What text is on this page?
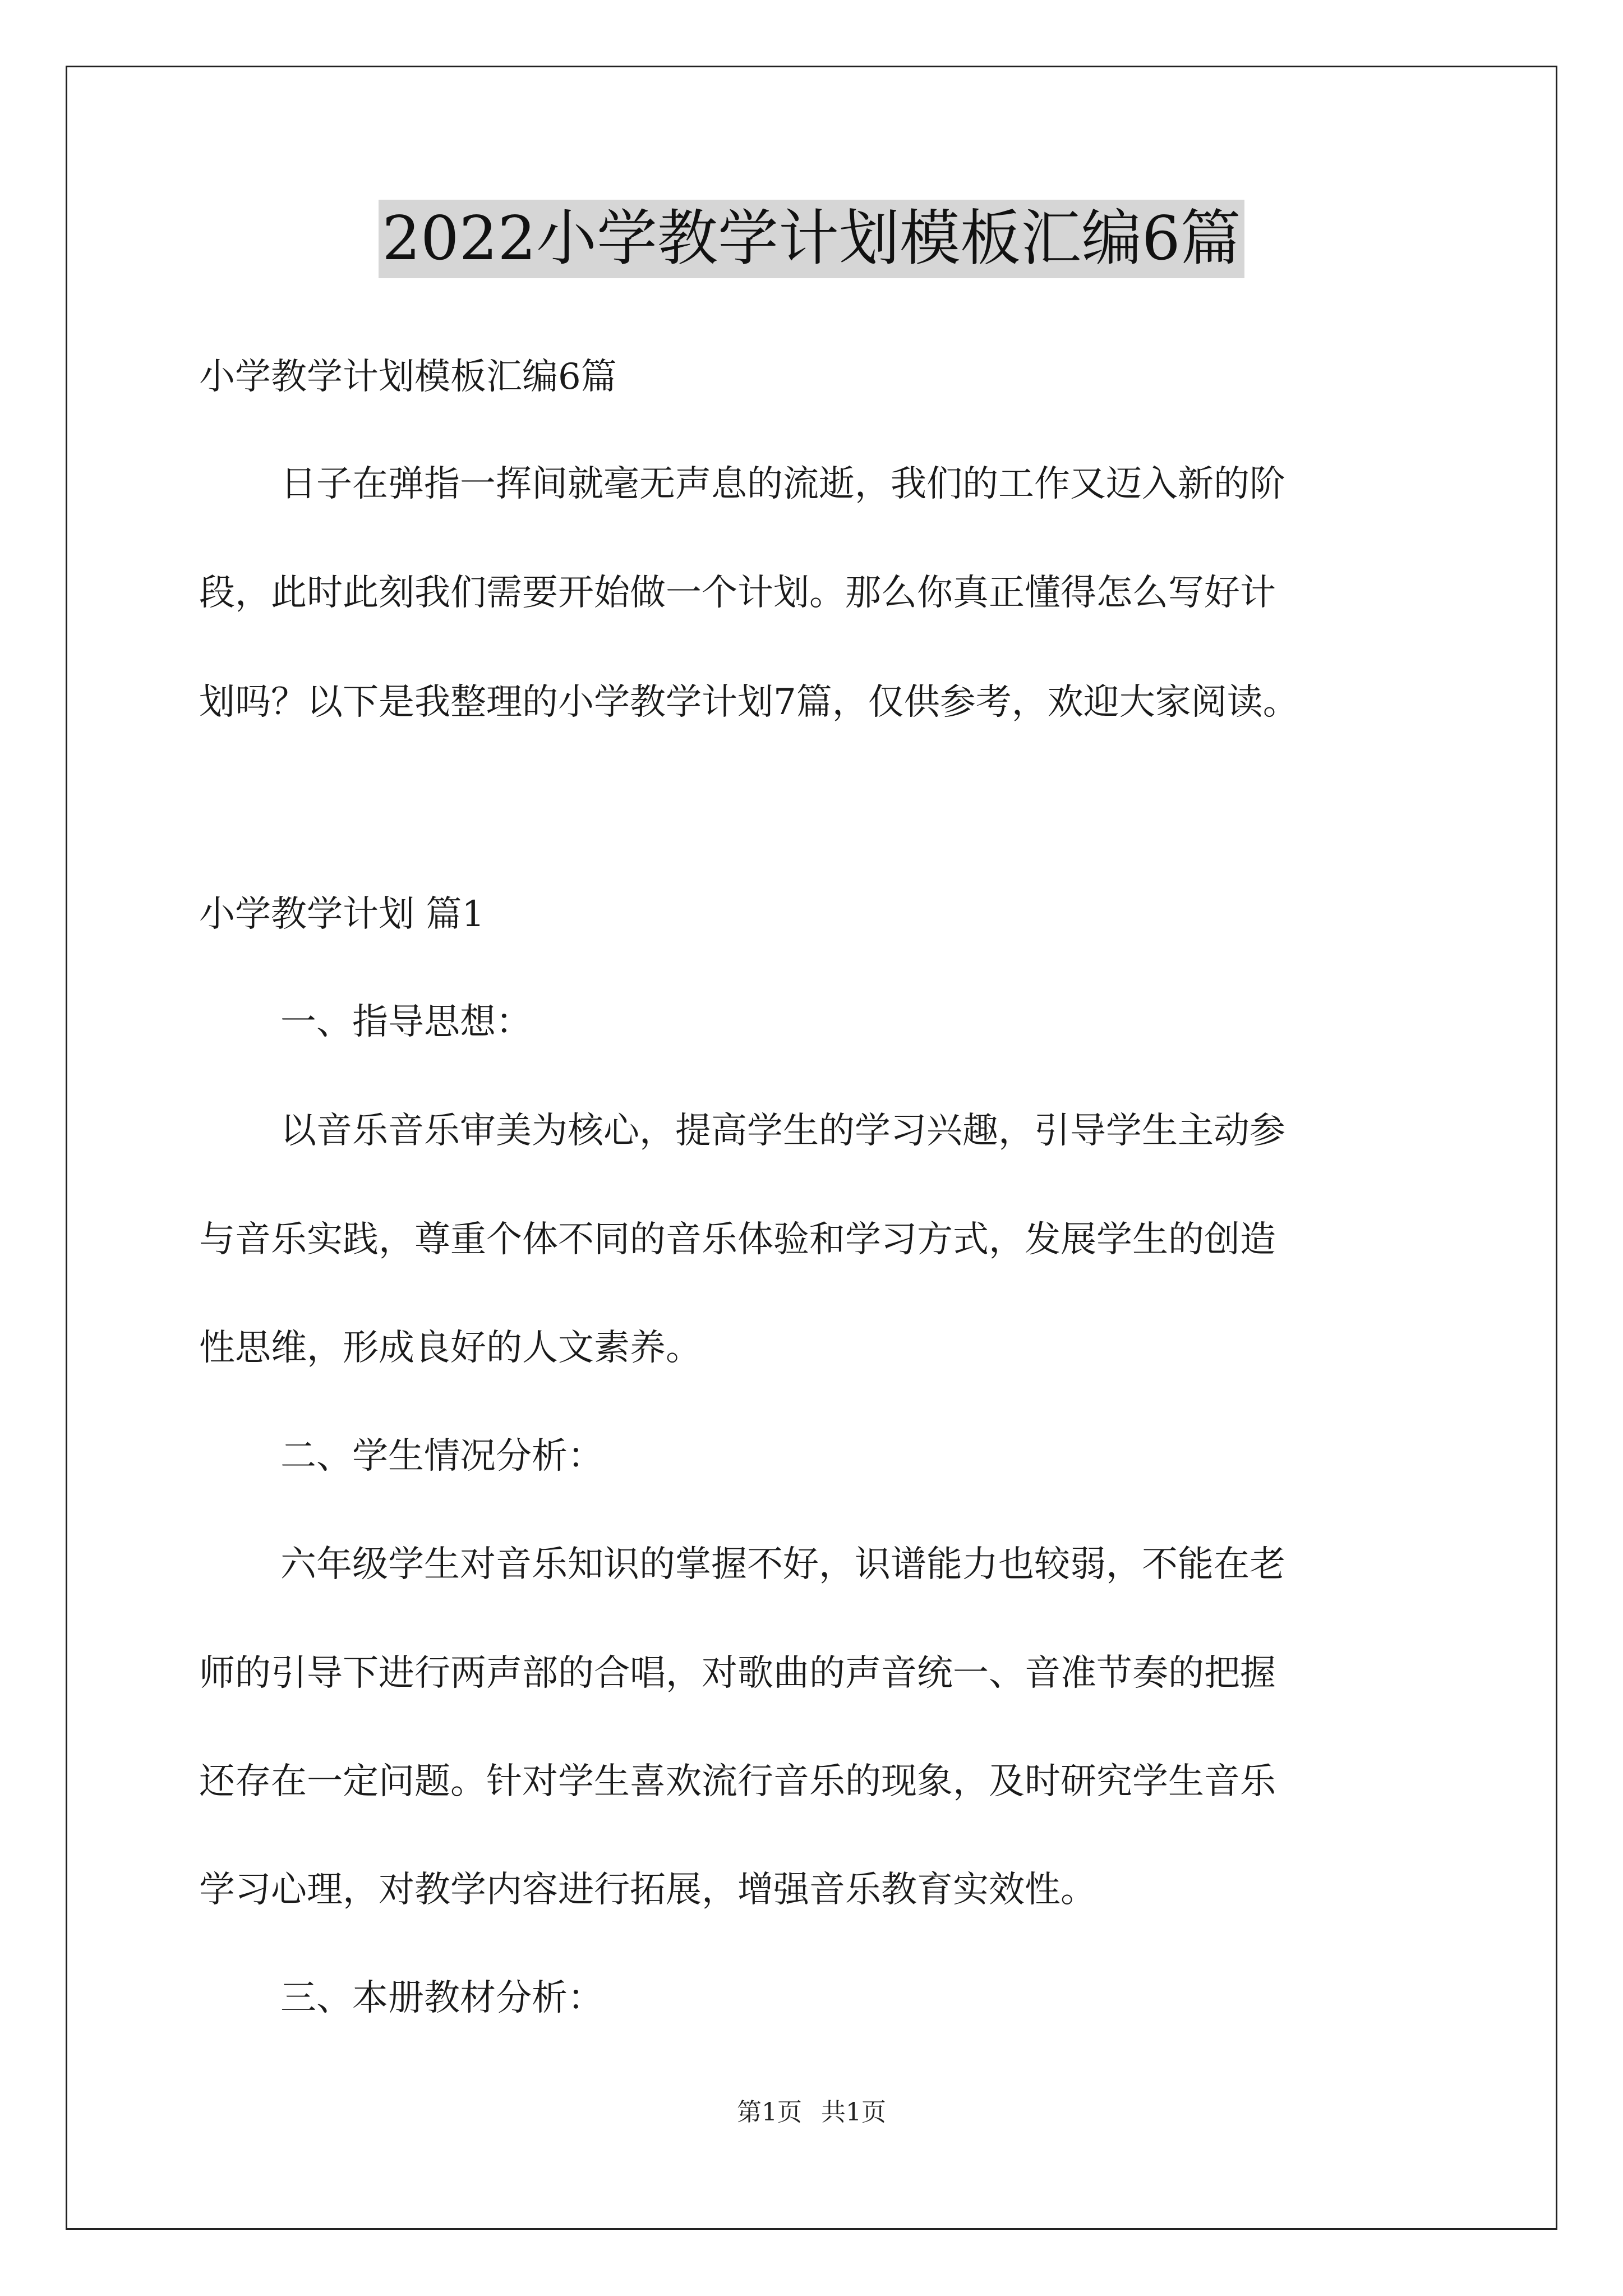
2022小学教学计划模板汇编6篇
小学教学计划模板汇编6篇
日子在弹指一挥间就毫无声息的流逝，我们的工作又迈入新的阶
段，此时此刻我们需要开始做一个计划。那么你真正懂得怎么写好计
划吗？以下是我整理的小学教学计划7篇，仅供参考，欢迎大家阅读。
小学教学计划 篇1
一、指导思想：
以音乐音乐审美为核心，提高学生的学习兴趣，引导学生主动参
与音乐实践，尊重个体不同的音乐体验和学习方式，发展学生的创造
性思维，形成良好的人文素养。
二、学生情况分析：
六年级学生对音乐知识的掌握不好，识谱能力也较弱，不能在老
师的引导下进行两声部的合唱，对歌曲的声音统一、音准节奏的把握
还存在一定问题。针对学生喜欢流行音乐的现象，及时研究学生音乐
学习心理，对教学内容进行拓展，增强音乐教育实效性。
三、本册教材分析：
第1页 共1页
